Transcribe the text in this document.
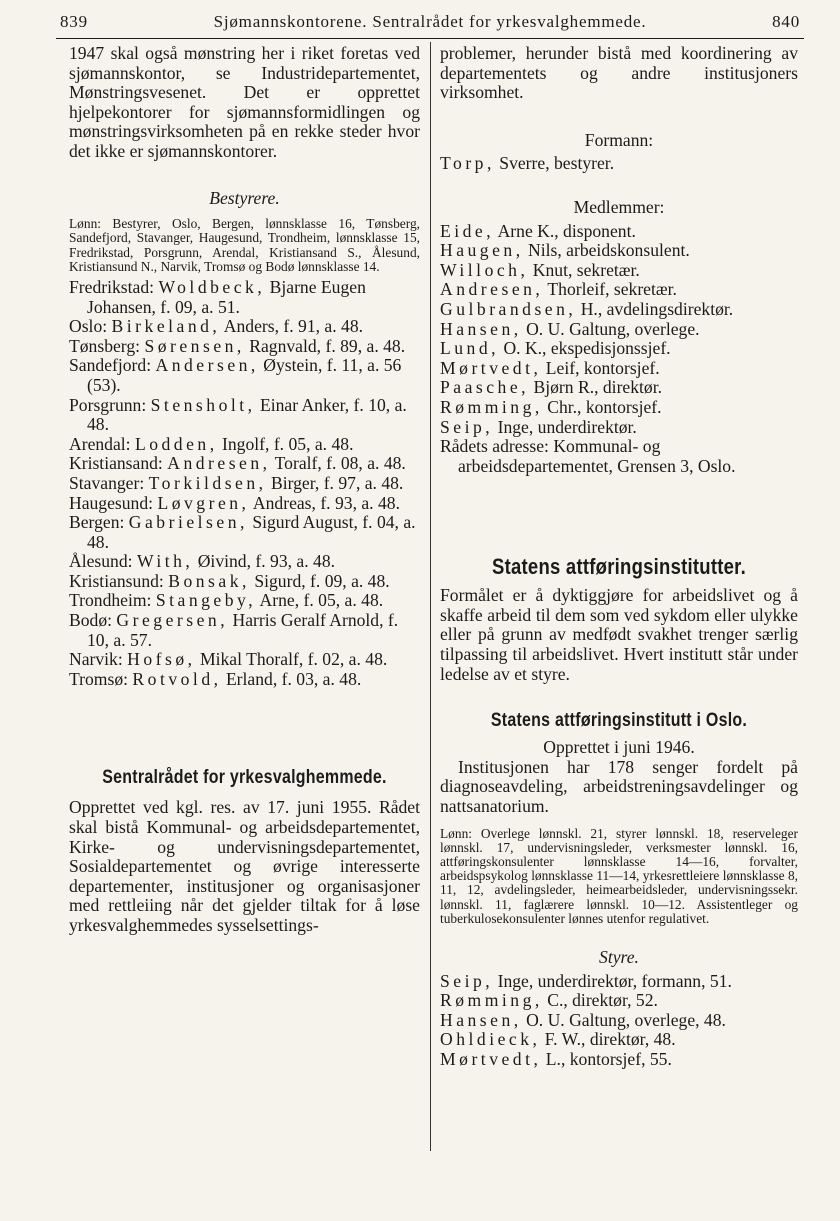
839	Sjømannskontorene. Sentralrådet for yrkesvalghemmede.	840

1947 skal også mønstring her i riket foretas ved sjømannskontor, se Industridepartementet, Mønstringsvesenet. Det er opprettet hjelpekontorer for sjømannsformidlingen og mønstringsvirksomheten på en rekke steder hvor det ikke er sjømannskontorer.

Bestyrere.

Lønn: Bestyrer, Oslo, Bergen, lønnsklasse 16, Tønsberg, Sandefjord, Stavanger, Haugesund, Trondheim, lønnsklasse 15, Fredrikstad, Porsgrunn, Arendal, Kristiansand S., Ålesund, Kristiansund N., Narvik, Tromsø og Bodø lønnsklasse 14.

Fredrikstad: Woldbeck, Bjarne Eugen Johansen, f. 09, a. 51.

Oslo: Birkeland, Anders, f. 91, a. 48.

Tønsberg: Sørensen, Ragnvald, f. 89, a. 48.

Sandefjord: Andersen, Øystein, f. 11, a. 56 (53).

Porsgrunn: Stensholt, Einar Anker, f. 10, a. 48.

Arendal: Lodden, Ingolf, f. 05, a. 48.

Kristiansand: Andresen, Toralf, f. 08, a. 48.

Stavanger: Torkildsen, Birger, f. 97, a. 48.

Haugesund: Løvgren, Andreas, f. 93, a. 48.

Bergen: Gabrielsen, Sigurd August, f. 04, a. 48.

Ålesund: With, Øivind, f. 93, a. 48.

Kristiansund: Bonsak, Sigurd, f. 09, a. 48.

Trondheim: Stangeby, Arne, f. 05, a. 48.

Bodø: Gregersen, Harris Geralf Arnold, f. 10, a. 57.

Narvik: Hofsø, Mikal Thoralf, f. 02, a. 48.

Tromsø: Rotvold, Erland, f. 03, a. 48.

Sentralrådet for yrkesvalghemmede.

Opprettet ved kgl. res. av 17. juni 1955. Rådet skal bistå Kommunal- og arbeidsdepartementet, Kirke- og undervisningsdepartementet, Sosialdepartementet og øvrige interesserte departementer, institusjoner og organisasjoner med rettleiing når det gjelder tiltak for å løse yrkesvalghemmedes sysselsettings-

problemer, herunder bistå med koordinering av departementets og andre institusjoners virksomhet.

Formann:

Torp, Sverre, bestyrer.

Medlemmer:

Eide, Arne K., disponent.

Haugen, Nils, arbeidskonsulent.

Willoch, Knut, sekretær.

Andresen, Thorleif, sekretær.

Gulbrandsen, H., avdelingsdirektør.

Hansen, O. U. Galtung, overlege.

Lund, O. K., ekspedisjonssjef.

Mørtvedt, Leif, kontorsjef.

Paasche, Bjørn R., direktør.

Rømming, Chr., kontorsjef.

Seip, Inge, underdirektør.

Rådets adresse: Kommunal- og arbeidsdepartementet, Grensen 3, Oslo.

Statens attføringsinstitutter.

Formålet er å dyktiggjøre for arbeidslivet og å skaffe arbeid til dem som ved sykdom eller ulykke eller på grunn av medfødt svakhet trenger særlig tilpassing til arbeidslivet. Hvert institutt står under ledelse av et styre.

Statens attføringsinstitutt i Oslo.

Opprettet i juni 1946.

Institusjonen har 178 senger fordelt på diagnoseavdeling, arbeidstreningsavdelinger og nattsanatorium.

Lønn: Overlege lønnskl. 21, styrer lønnskl. 18, reserveleger lønnskl. 17, undervisningsleder, verksmester lønnskl. 16, attføringskonsulenter lønnsklasse 14—16, forvalter, arbeidspsykolog lønnsklasse 11—14, yrkesrettleiere lønnsklasse 8, 11, 12, avdelingsleder, heimearbeidsleder, undervisningssekr. lønnskl. 11, faglærere lønnskl. 10—12. Assistentleger og tuberkulosekonsulenter lønnes utenfor regulativet.

Styre.

Seip, Inge, underdirektør, formann, 51.

Rømming, C., direktør, 52.

Hansen, O. U. Galtung, overlege, 48.

Ohldieck, F. W., direktør, 48.

Mørtvedt, L., kontorsjef, 55.
